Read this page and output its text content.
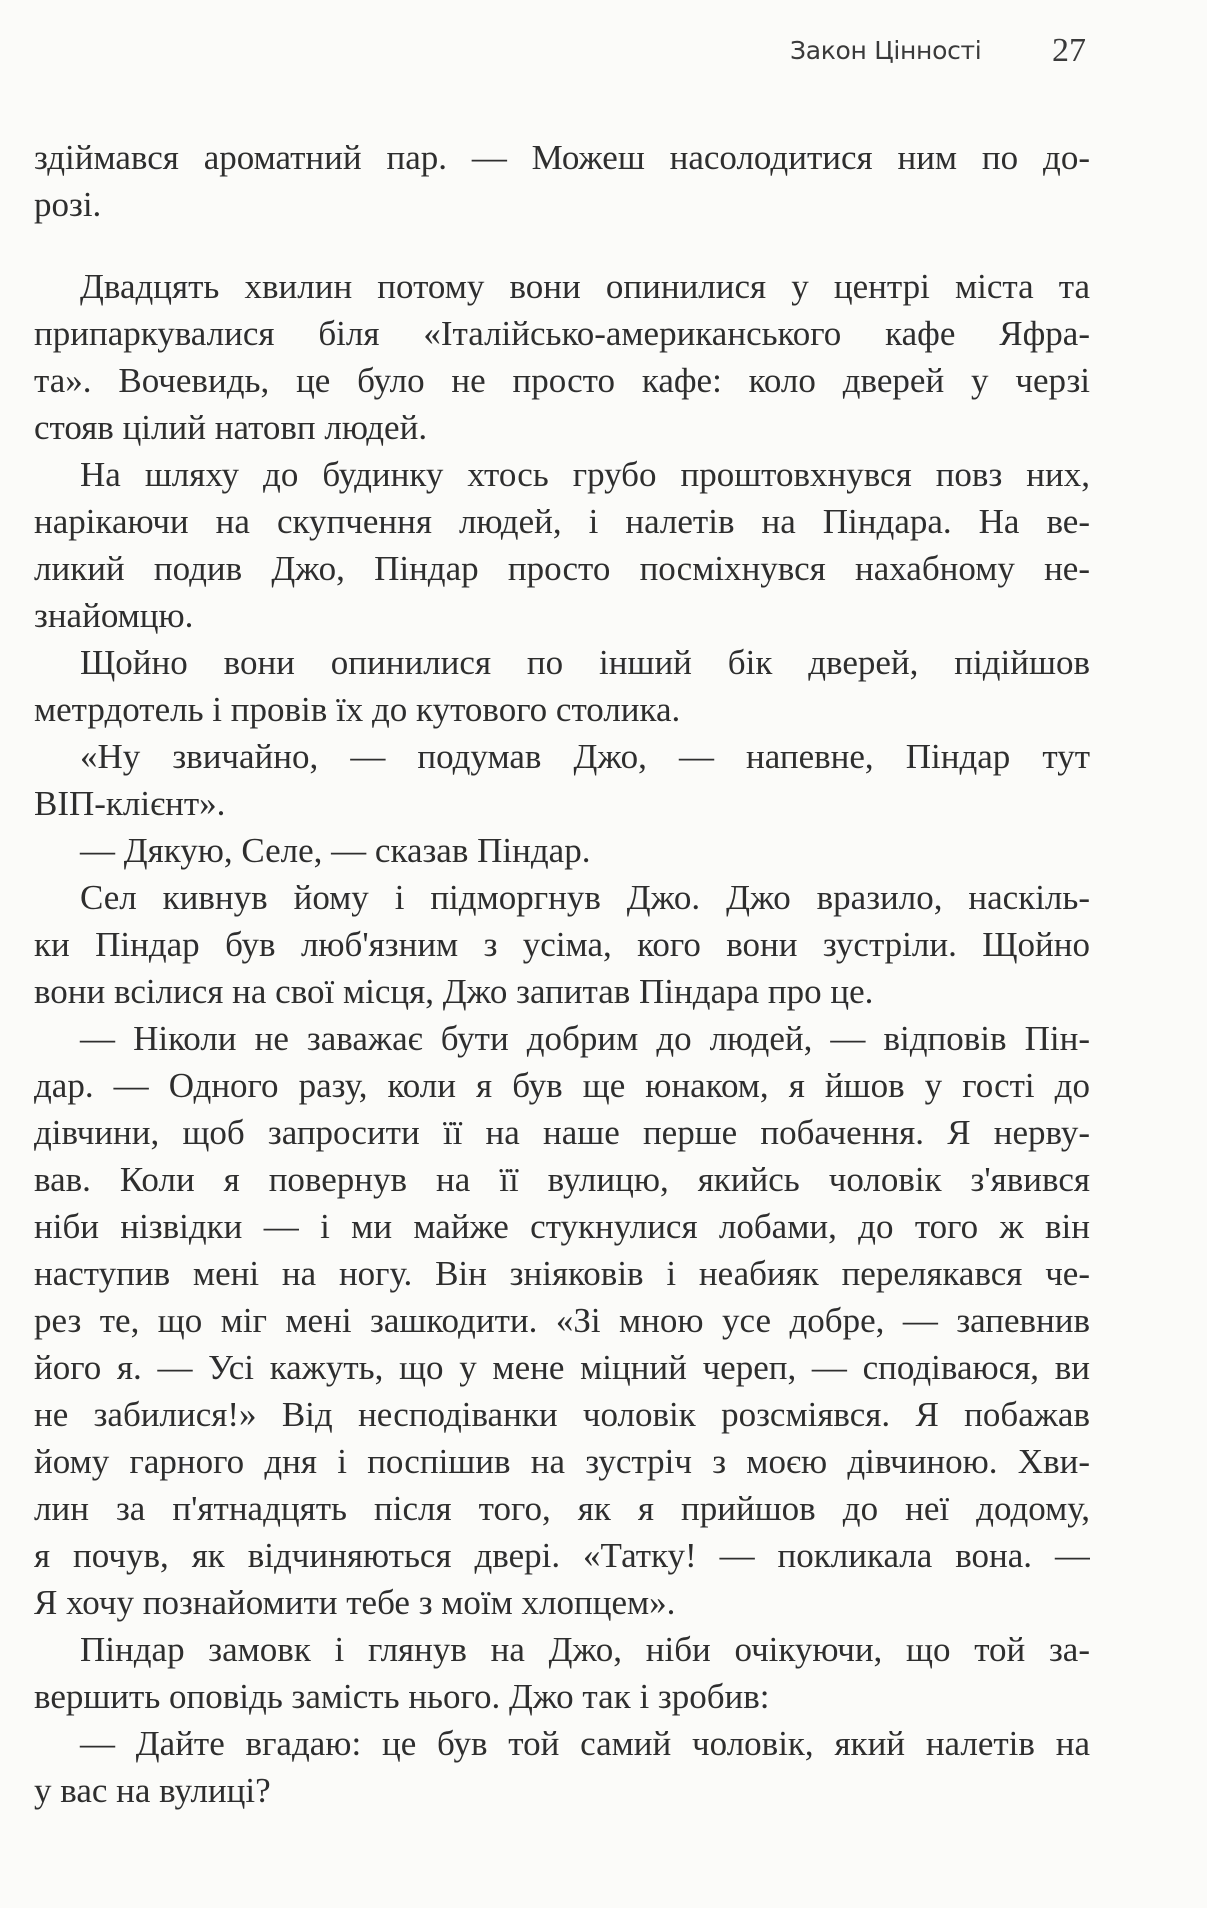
Закон Цінності 27
здіймався ароматний пар. — Можеш насолодитися ним по до-
розі.
Двадцять хвилин потому вони опинилися у центрі міста та
припаркувалися біля «Італійсько-американського кафе Яфра-
та». Вочевидь, це було не просто кафе: коло дверей у черзі
стояв цілий натовп людей.
На шляху до будинку хтось грубо проштовхнувся повз них,
нарікаючи на скупчення людей, і налетів на Піндара. На ве-
ликий подив Джо, Піндар просто посміхнувся нахабному не-
знайомцю.
Щойно вони опинилися по інший бік дверей, підійшов
метрдотель і провів їх до кутового столика.
«Ну звичайно, — подумав Джо, — напевне, Піндар тут
ВІП-клієнт».
— Дякую, Селе, — сказав Піндар.
Сел кивнув йому і підморгнув Джо. Джо вразило, наскіль-
ки Піндар був люб'язним з усіма, кого вони зустріли. Щойно
вони всілися на свої місця, Джо запитав Піндара про це.
— Ніколи не заважає бути добрим до людей, — відповів Пін-
дар. — Одного разу, коли я був ще юнаком, я йшов у гості до
дівчини, щоб запросити її на наше перше побачення. Я нерву-
вав. Коли я повернув на її вулицю, якийсь чоловік з'явився
ніби нізвідки — і ми майже стукнулися лобами, до того ж він
наступив мені на ногу. Він зніяковів і неабияк перелякався че-
рез те, що міг мені зашкодити. «Зі мною усе добре, — запевнив
його я. — Усі кажуть, що у мене міцний череп, — сподіваюся, ви
не забилися!» Від несподіванки чоловік розсміявся. Я побажав
йому гарного дня і поспішив на зустріч з моєю дівчиною. Хви-
лин за п'ятнадцять після того, як я прийшов до неї додому,
я почув, як відчиняються двері. «Татку! — покликала вона. —
Я хочу познайомити тебе з моїм хлопцем».
Піндар замовк і глянув на Джо, ніби очікуючи, що той за-
вершить оповідь замість нього. Джо так і зробив:
— Дайте вгадаю: це був той самий чоловік, який налетів на
у вас на вулиці?
